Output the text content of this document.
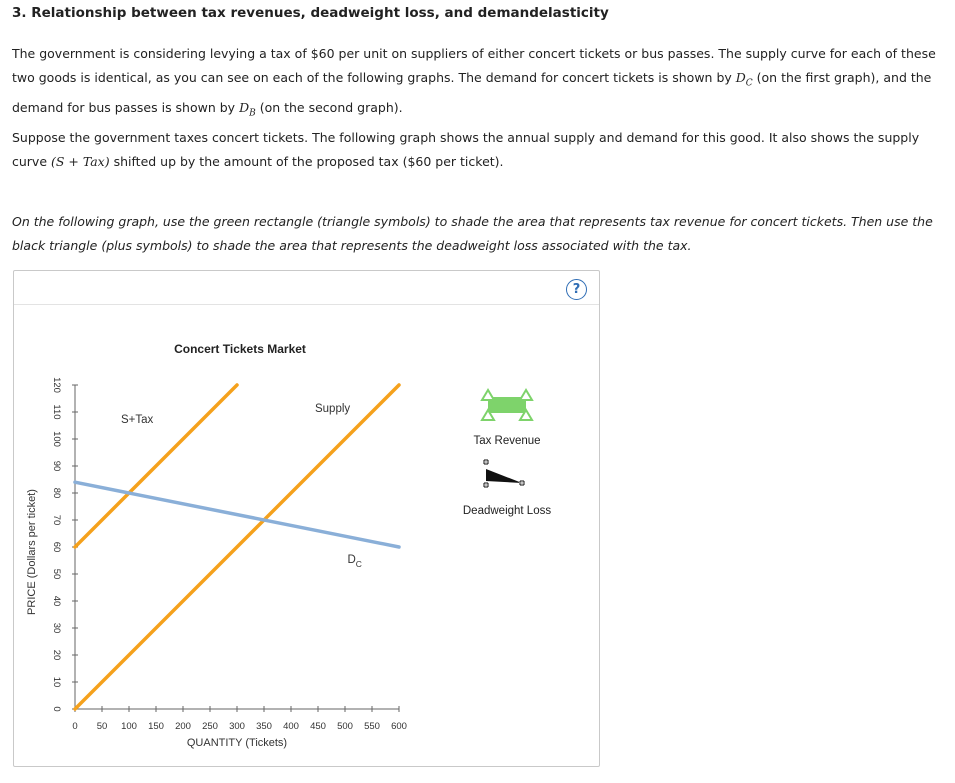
3. Relationship between tax revenues, deadweight loss, and demandelasticity
The government is considering levying a tax of $60 per unit on suppliers of either concert tickets or bus passes. The supply curve for each of these two goods is identical, as you can see on each of the following graphs. The demand for concert tickets is shown by $D_C$ (on the first graph), and the demand for bus passes is shown by $D_B$ (on the second graph).
Suppose the government taxes concert tickets. The following graph shows the annual supply and demand for this good. It also shows the supply curve (S + Tax) shifted up by the amount of the proposed tax ($60 per ticket).
On the following graph, use the green rectangle (triangle symbols) to shade the area that represents tax revenue for concert tickets. Then use the black triangle (plus symbols) to shade the area that represents the deadweight loss associated with the tax.
?
Concert Tickets Market
PRICE (Dollars per ticket)
QUANTITY (Tickets)
0
10
20
30
40
50
60
70
80
90
100
110
120
0 50 100 150 200 250 300 350 400 450 500 550 600
Supply
S+Tax
$D_C$
Tax Revenue
Deadweight Loss
